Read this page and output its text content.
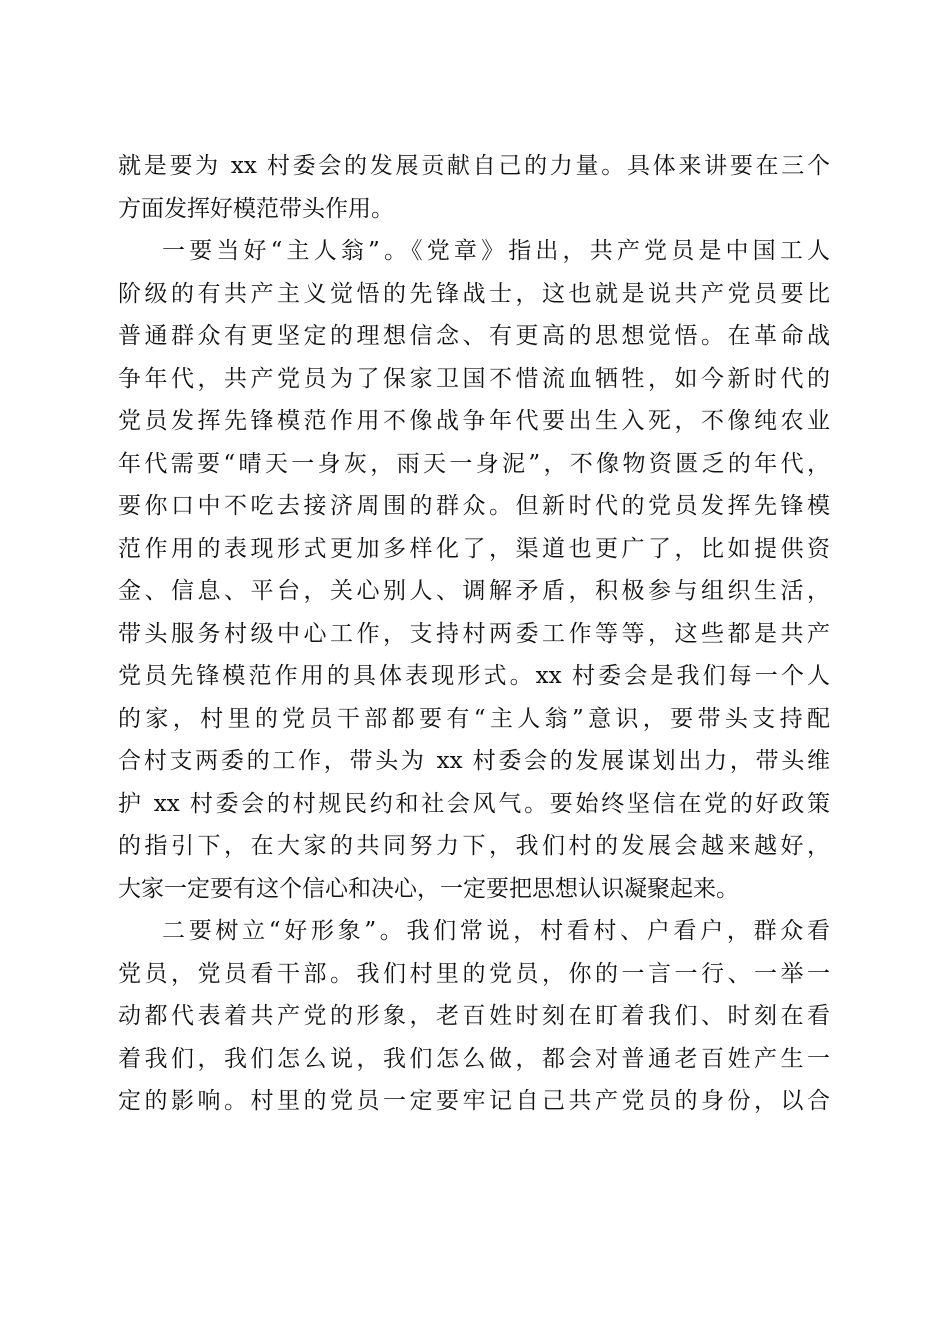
就是要为 xx 村委会的发展贡献自己的力量。具体来讲要在三个
方面发挥好模范带头作用。
一要当好“主人翁”。《党章》指出，共产党员是中国工人
阶级的有共产主义觉悟的先锋战士，这也就是说共产党员要比
普通群众有更坚定的理想信念、有更高的思想觉悟。在革命战
争年代，共产党员为了保家卫国不惜流血牺牲，如今新时代的
党员发挥先锋模范作用不像战争年代要出生入死，不像纯农业
年代需要“晴天一身灰，雨天一身泥”，不像物资匮乏的年代，
要你口中不吃去接济周围的群众。但新时代的党员发挥先锋模
范作用的表现形式更加多样化了，渠道也更广了，比如提供资
金、信息、平台，关心别人、调解矛盾，积极参与组织生活，
带头服务村级中心工作，支持村两委工作等等，这些都是共产
党员先锋模范作用的具体表现形式。xx 村委会是我们每一个人
的家，村里的党员干部都要有“主人翁”意识，要带头支持配
合村支两委的工作，带头为 xx 村委会的发展谋划出力，带头维
护 xx 村委会的村规民约和社会风气。要始终坚信在党的好政策
的指引下，在大家的共同努力下，我们村的发展会越来越好，
大家一定要有这个信心和决心，一定要把思想认识凝聚起来。
二要树立“好形象”。我们常说，村看村、户看户，群众看
党员，党员看干部。我们村里的党员，你的一言一行、一举一
动都代表着共产党的形象，老百姓时刻在盯着我们、时刻在看
着我们，我们怎么说，我们怎么做，都会对普通老百姓产生一
定的影响。村里的党员一定要牢记自己共产党员的身份，以合
